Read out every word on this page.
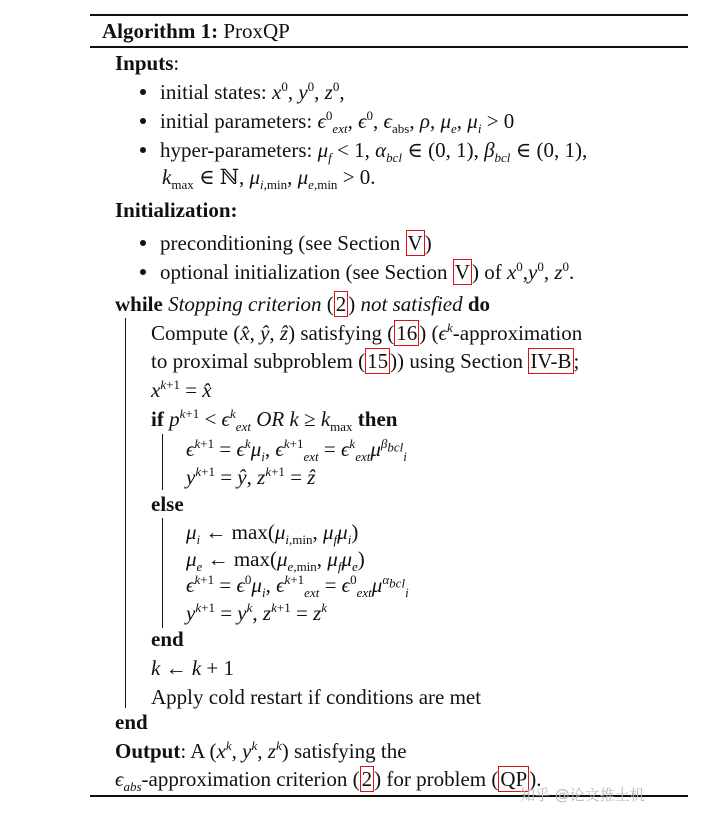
Algorithm 1: ProxQP
Inputs:
initial states: $x^0$, $y^0$, $z^0$,
initial parameters: $\epsilon^0_{ext}$, $\epsilon^0$, $\epsilon_{abs}$, ρ, $\mu_e$, $\mu_i > 0$
hyper-parameters: $\mu_f < 1$, $\alpha_{bcl}$ ∈ (0, 1), $\beta_{bcl}$ ∈ (0, 1),
$k_{max}$ ∈ ℕ, $\mu_{i,min}$, $\mu_{e,min} > 0$.
Initialization:
preconditioning (see Section V)
optional initialization (see Section V) of $x^0,y^0$, $z^0$.
while Stopping criterion (2) not satisfied do
Compute (x̂, ŷ, ẑ) satisfying (16) ($\epsilon^k$-approximation
to proximal subproblem (15)) using Section IV-B;
$x^{k+1}$ = x̂
if $p^{k+1} < \epsilon^k_{ext}$ OR $k \ge k_{max}$ then
$\epsilon^{k+1} = \epsilon^k\mu_i$, $\epsilon^{k+1}_{ext} = \epsilon^k_{ext}\mu^{\beta_{bcl}}_i$
$y^{k+1}$ = ŷ, $z^{k+1}$ = ẑ
else
$\mu_i$ ← $\max(\mu_{i,min}$, $\mu_f\mu_i$)
$\mu_e$ ← $\max(\mu_{e,min}$, $\mu_f\mu_e$)
$\epsilon^{k+1} = \epsilon^0\mu_i$, $\epsilon^{k+1}_{ext} = \epsilon^0_{ext}\mu^{\alpha_{bcl}}_i$
$y^{k+1} = y^k$, $z^{k+1} = z^k$
end
k ← k + 1
Apply cold restart if conditions are met
end
Output: A ($x^k$, $y^k$, $z^k$) satisfying the
$\epsilon_{abs}$-approximation criterion (2) for problem (QP).
知乎 @论文推土机
